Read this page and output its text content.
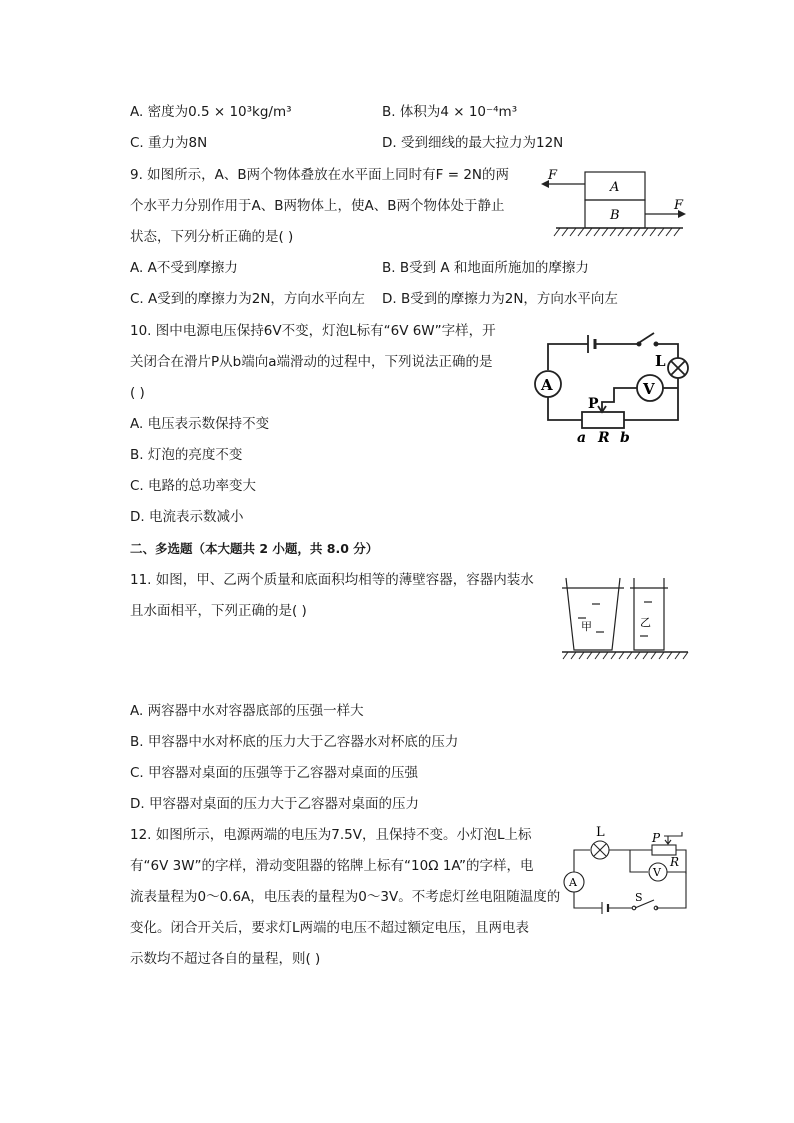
A. 密度为0.5 × 10³kg/m³	B. 体积为4 × 10⁻⁴m³
C. 重力为8N	D. 受到细线的最大拉力为12N
9. 如图所示，A、B两个物体叠放在水平面上同时有F = 2N的两
个水平力分别作用于A、B两物体上，使A、B两个物体处于静止
状态，下列分析正确的是( )
A. A不受到摩擦力	B. B受到 A 和地面所施加的摩擦力
C. A受到的摩擦力为2N，方向水平向左 D. B受到的摩擦力为2N，方向水平向左
A
B
F
F
10. 图中电源电压保持6V不变，灯泡L标有“6V 6W”字样，开
关闭合在滑片P从b端向a端滑动的过程中，下列说法正确的是
( )
A. 电压表示数保持不变
B. 灯泡的亮度不变
C. 电路的总功率变大
D. 电流表示数减小
A	V
L
P
a R b
二、多选题（本大题共 2 小题，共 8.0 分）
11. 如图，甲、乙两个质量和底面积均相等的薄壁容器，容器内装水
且水面相平，下列正确的是( )
A. 两容器中水对容器底部的压强一样大
B. 甲容器中水对杯底的压力大于乙容器水对杯底的压力
C. 甲容器对桌面的压强等于乙容器对桌面的压强
D. 甲容器对桌面的压力大于乙容器对桌面的压力
甲	乙
12. 如图所示，电源两端的电压为7.5V，且保持不变。小灯泡L上标
有“6V 3W”的字样，滑动变阻器的铭牌上标有“10Ω 1A”的字样，电
流表量程为0～0.6A，电压表的量程为0～3V。不考虑灯丝电阻随温度的
变化。闭合开关后，要求灯L两端的电压不超过额定电压，且两电表
示数均不超过各自的量程，则( )
L	P
R
V
A
S
